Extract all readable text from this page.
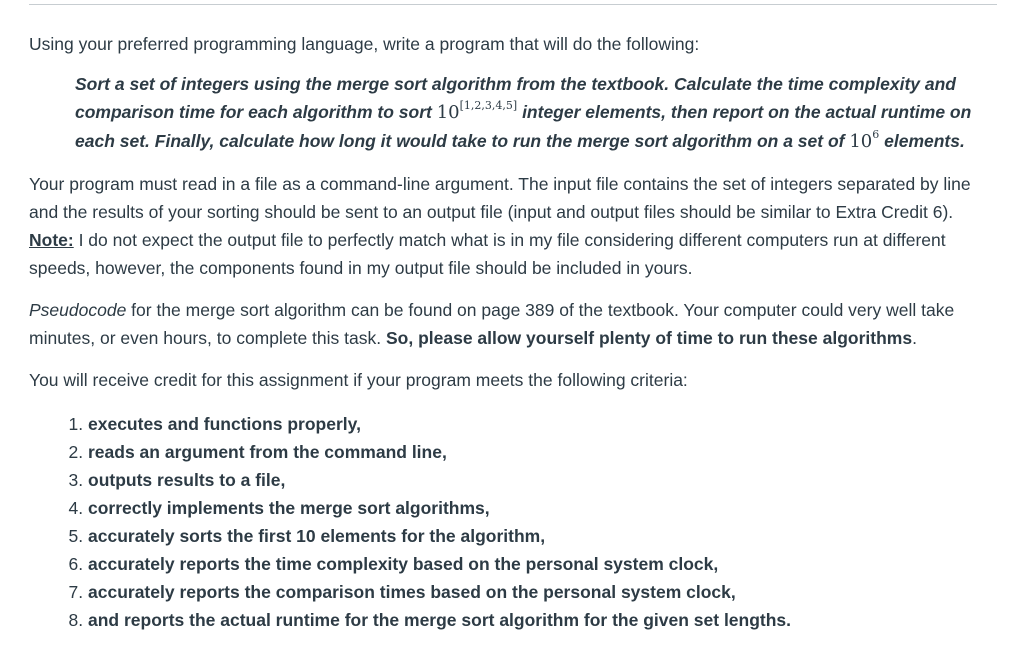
Using your preferred programming language, write a program that will do the following:

Sort a set of integers using the merge sort algorithm from the textbook. Calculate the time complexity and comparison time for each algorithm to sort 10[1,2,3,4,5] integer elements, then report on the actual runtime on each set. Finally, calculate how long it would take to run the merge sort algorithm on a set of $10^6$ elements.

Your program must read in a file as a command-line argument. The input file contains the set of integers separated by line and the results of your sorting should be sent to an output file (input and output files should be similar to Extra Credit 6). Note: I do not expect the output file to perfectly match what is in my file considering different computers run at different speeds, however, the components found in my output file should be included in yours.

Pseudocode for the merge sort algorithm can be found on page 389 of the textbook. Your computer could very well take minutes, or even hours, to complete this task. So, please allow yourself plenty of time to run these algorithms.

You will receive credit for this assignment if your program meets the following criteria:

1. executes and functions properly,
2. reads an argument from the command line,
3. outputs results to a file,
4. correctly implements the merge sort algorithms,
5. accurately sorts the first 10 elements for the algorithm,
6. accurately reports the time complexity based on the personal system clock,
7. accurately reports the comparison times based on the personal system clock,
8. and reports the actual runtime for the merge sort algorithm for the given set lengths.
